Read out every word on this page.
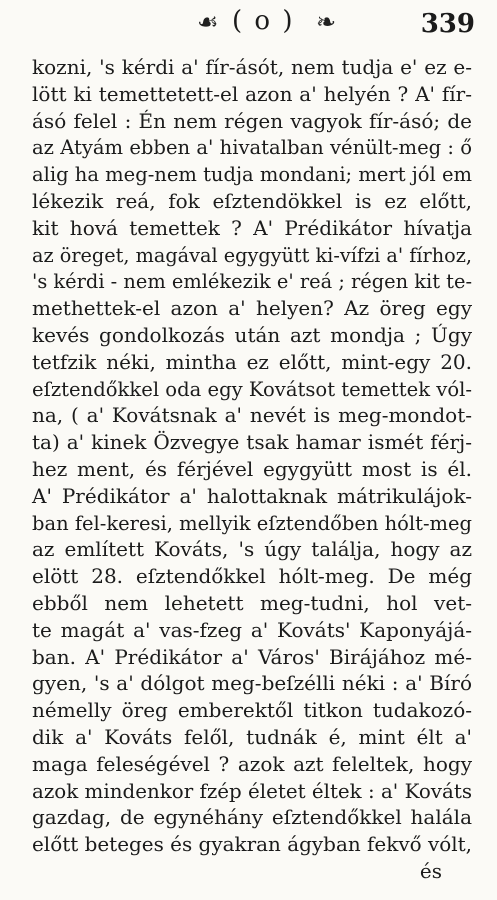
☙ ( o ) ❧	339
kozni, 's kérdi a' fír-ásót, nem tudja e' ez e-
lött ki temettetett-el azon a' helyén ? A' fír-
ásó felel : Én nem régen vagyok fír-ásó; de
az Atyám ebben a' hivatalban vénült-meg : ő
alig ha meg-nem tudja mondani; mert jól em
lékezik reá, fok eſztendökkel is ez előtt,
kit hová temettek ? A' Prédikátor hívatja
az öreget, magával egygyütt ki-vífzi a' fírhoz,
's kérdi - nem emlékezik e' reá ; régen kit te-
methettek-el azon a' helyen? Az öreg egy
kevés gondolkozás után azt mondja ; Úgy
tetfzik néki, mintha ez előtt, mint-egy 20.
eſztendőkkel oda egy Kovátsot temettek vól-
na, ( a' Kovátsnak a' nevét is meg-mondot-
ta) a' kinek Özvegye tsak hamar ismét férj-
hez ment, és férjével egygyütt most is él.
A' Prédikátor a' halottaknak mátrikulájok-
ban fel-keresi, mellyik eſztendőben hólt-meg
az említett Kováts, 's úgy találja, hogy az
elött 28. eſztendőkkel hólt-meg. De még
ebből nem lehetett meg-tudni, hol vet-
te magát a' vas-fzeg a' Kováts' Kaponyájá-
ban. A' Prédikátor a' Város' Birájához mé-
gyen, 's a' dólgot meg-beſzélli néki : a' Bíró
némelly öreg emberektől titkon tudakozó-
dik a' Kováts felől, tudnák é, mint élt a'
maga feleségével ? azok azt feleltek, hogy
azok mindenkor fzép életet éltek : a' Kováts
gazdag, de egynéhány eſztendőkkel halála
előtt beteges és gyakran ágyban fekvő vólt,
és
